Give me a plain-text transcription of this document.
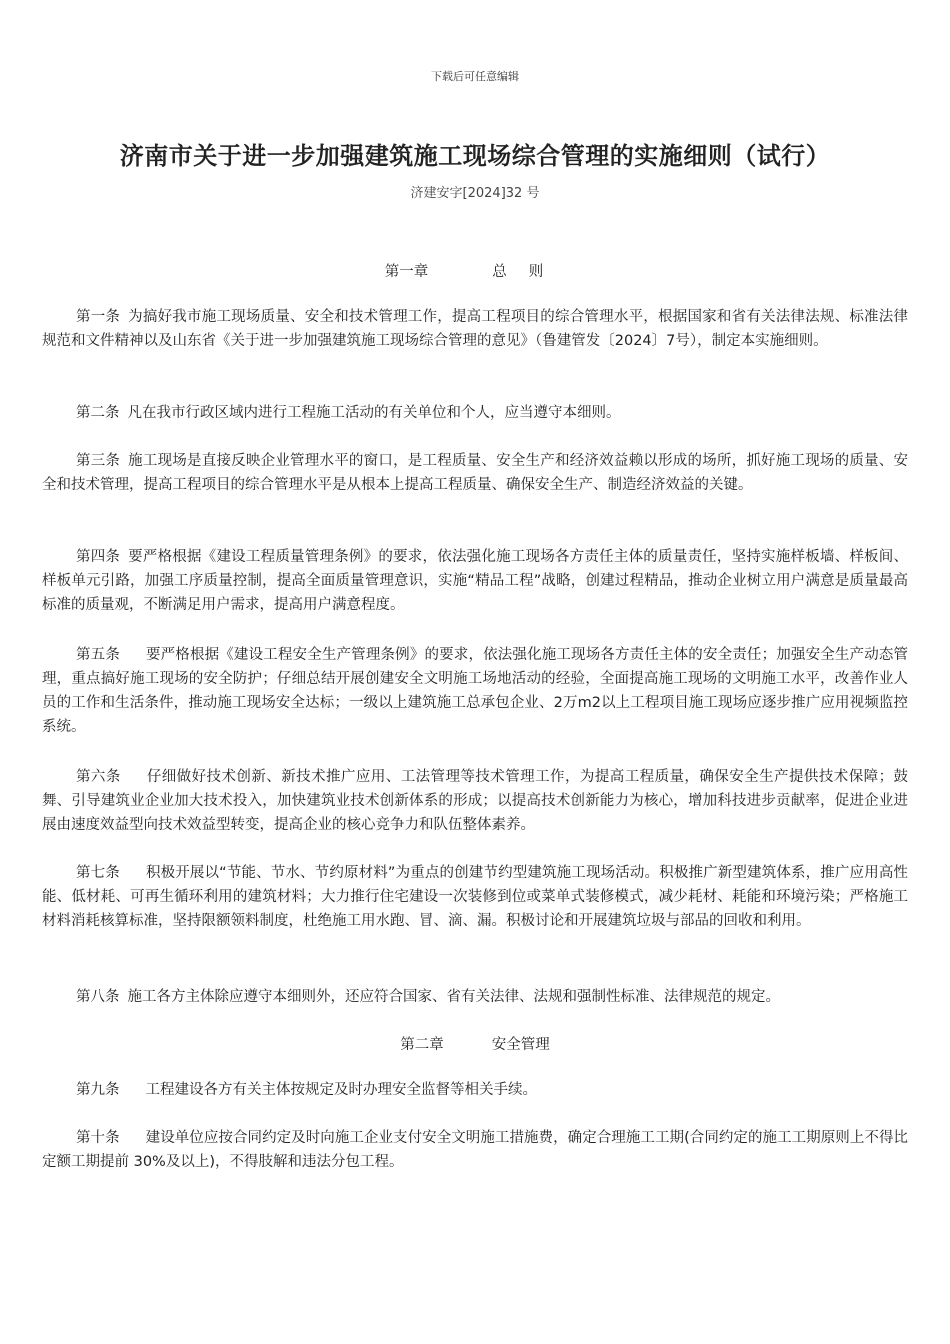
下载后可任意编辑
济南市关于进一步加强建筑施工现场综合管理的实施细则（试行）
济建安字[2024]32 号
第一章	总则
第一条 为搞好我市施工现场质量、安全和技术管理工作，提高工程项目的综合管理水平，根据国家和省有关法律法规、标准法律规范和文件精神以及山东省《关于进一步加强建筑施工现场综合管理的意见》（鲁建管发〔2024〕7号），制定本实施细则。
第二条 凡在我市行政区域内进行工程施工活动的有关单位和个人，应当遵守本细则。
第三条 施工现场是直接反映企业管理水平的窗口，是工程质量、安全生产和经济效益赖以形成的场所，抓好施工现场的质量、安全和技术管理，提高工程项目的综合管理水平是从根本上提高工程质量、确保安全生产、制造经济效益的关键。
第四条 要严格根据《建设工程质量管理条例》的要求，依法强化施工现场各方责任主体的质量责任，坚持实施样板墙、样板间、样板单元引路，加强工序质量控制，提高全面质量管理意识，实施“精品工程”战略，创建过程精品，推动企业树立用户满意是质量最高标准的质量观，不断满足用户需求，提高用户满意程度。
第五条 要严格根据《建设工程安全生产管理条例》的要求，依法强化施工现场各方责任主体的安全责任；加强安全生产动态管理，重点搞好施工现场的安全防护；仔细总结开展创建安全文明施工场地活动的经验，全面提高施工现场的文明施工水平，改善作业人员的工作和生活条件，推动施工现场安全达标；一级以上建筑施工总承包企业、2万m2以上工程项目施工现场应逐步推广应用视频监控系统。
第六条 仔细做好技术创新、新技术推广应用、工法管理等技术管理工作，为提高工程质量，确保安全生产提供技术保障；鼓舞、引导建筑业企业加大技术投入，加快建筑业技术创新体系的形成；以提高技术创新能力为核心，增加科技进步贡献率，促进企业进展由速度效益型向技术效益型转变，提高企业的核心竞争力和队伍整体素养。
第七条 积极开展以“节能、节水、节约原材料”为重点的创建节约型建筑施工现场活动。积极推广新型建筑体系，推广应用高性能、低材耗、可再生循环利用的建筑材料；大力推行住宅建设一次装修到位或菜单式装修模式，减少耗材、耗能和环境污染；严格施工材料消耗核算标准，坚持限额领料制度，杜绝施工用水跑、冒、滴、漏。积极讨论和开展建筑垃圾与部品的回收和利用。
第八条 施工各方主体除应遵守本细则外，还应符合国家、省有关法律、法规和强制性标准、法律规范的规定。
第二章	安全管理
第九条 工程建设各方有关主体按规定及时办理安全监督等相关手续。
第十条 建设单位应按合同约定及时向施工企业支付安全文明施工措施费，确定合理施工工期(合同约定的施工工期原则上不得比定额工期提前 30%及以上)，不得肢解和违法分包工程。
